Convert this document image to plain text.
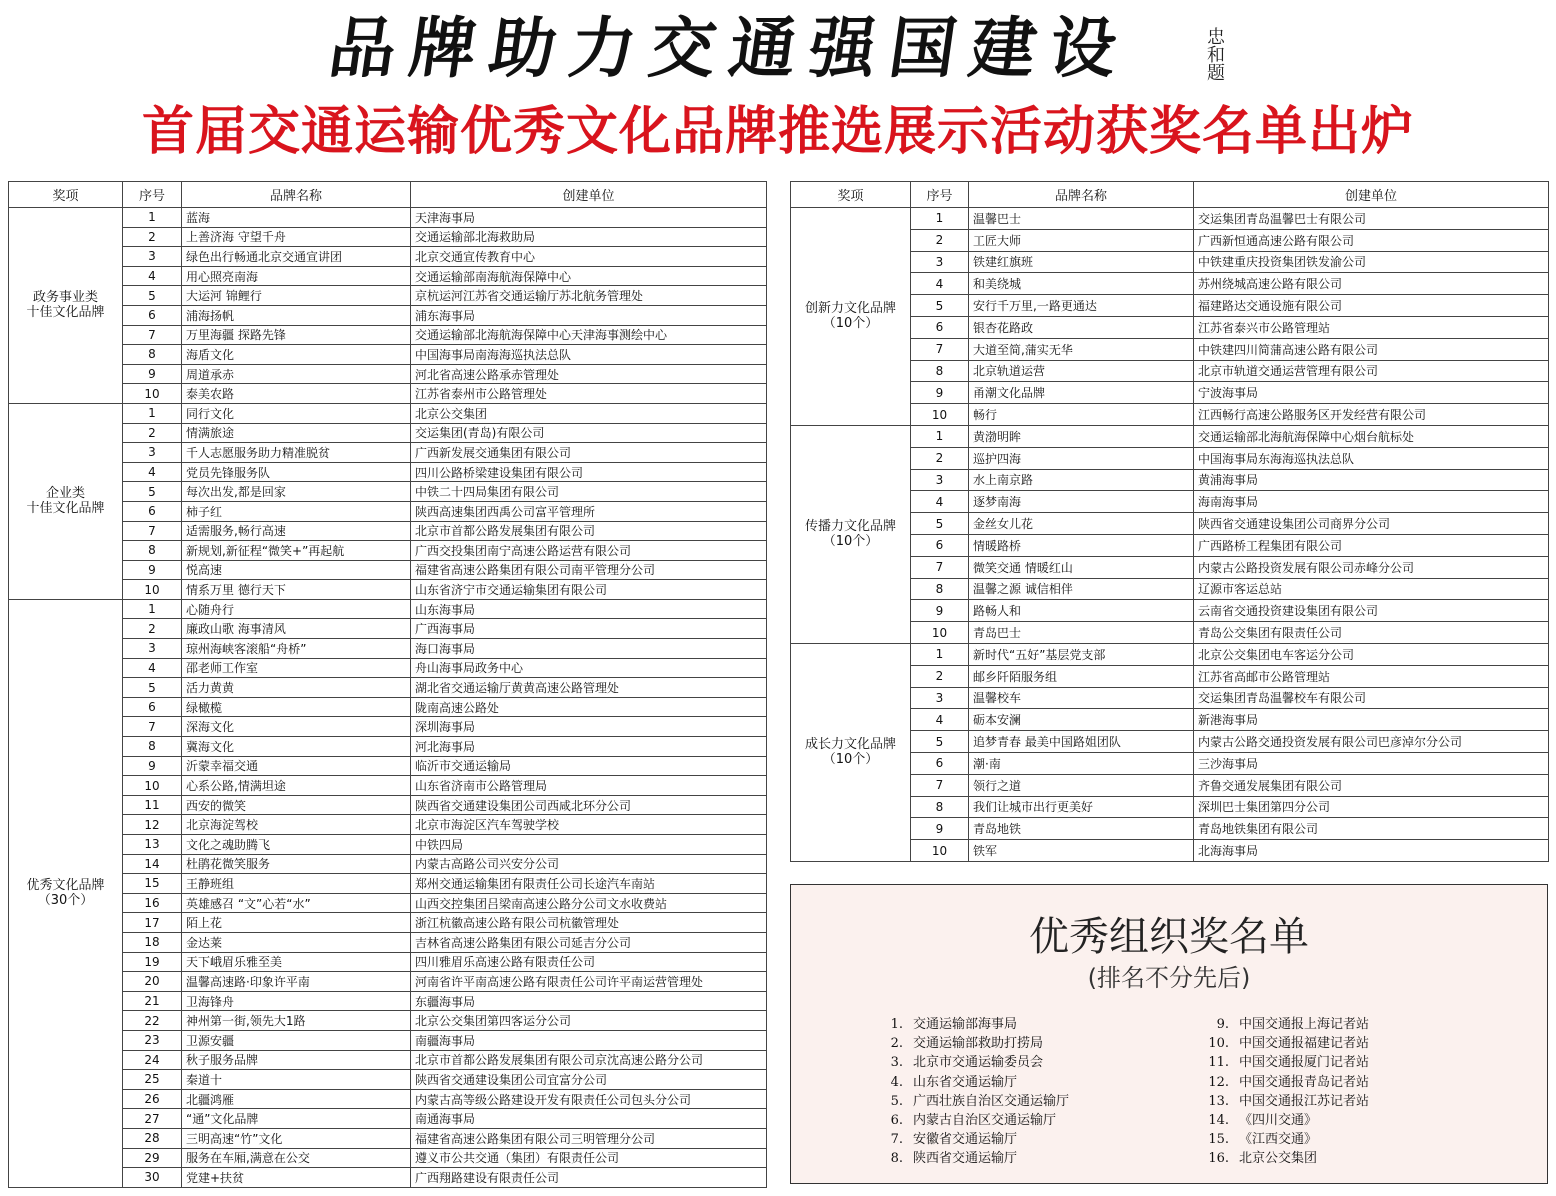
品牌助力交通强国建设	忠和题
首届交通运输优秀文化品牌推选展示活动获奖名单出炉
奖项	序号	品牌名称	创建单位

政务事业类
十佳文化品牌	1	蓝海	天津海事局
	2	上善济海 守望千舟	交通运输部北海救助局
	3	绿色出行畅通北京交通宣讲团	北京交通宣传教育中心
	4	用心照亮南海	交通运输部南海航海保障中心
	5	大运河 锦鲤行	京杭运河江苏省交通运输厅苏北航务管理处
	6	浦海扬帆	浦东海事局
	7	万里海疆 探路先锋	交通运输部北海航海保障中心天津海事测绘中心
	8	海盾文化	中国海事局南海海巡执法总队
	9	周道承赤	河北省高速公路承赤管理处
	10	泰美农路	江苏省泰州市公路管理处

企业类
十佳文化品牌	1	同行文化	北京公交集团
	2	情满旅途	交运集团(青岛)有限公司
	3	千人志愿服务助力精准脱贫	广西新发展交通集团有限公司
	4	党员先锋服务队	四川公路桥梁建设集团有限公司
	5	每次出发,都是回家	中铁二十四局集团有限公司
	6	柿子红	陕西高速集团西禹公司富平管理所
	7	适需服务,畅行高速	北京市首都公路发展集团有限公司
	8	新规划,新征程“微笑+”再起航	广西交投集团南宁高速公路运营有限公司
	9	悦高速	福建省高速公路集团有限公司南平管理分公司
	10	情系万里 德行天下	山东省济宁市交通运输集团有限公司

优秀文化品牌
（30个）	1	心随舟行	山东海事局
	2	廉政山歌 海事清风	广西海事局
	3	琼州海峡客滚船“舟桥”	海口海事局
	4	邵老师工作室	舟山海事局政务中心
	5	活力黄黄	湖北省交通运输厅黄黄高速公路管理处
	6	绿橄榄	陇南高速公路处
	7	深海文化	深圳海事局
	8	冀海文化	河北海事局
	9	沂蒙幸福交通	临沂市交通运输局
	10	心系公路,情满坦途	山东省济南市公路管理局
	11	西安的微笑	陕西省交通建设集团公司西咸北环分公司
	12	北京海淀驾校	北京市海淀区汽车驾驶学校
	13	文化之魂助腾飞	中铁四局
	14	杜鹃花微笑服务	内蒙古高路公司兴安分公司
	15	王静班组	郑州交通运输集团有限责任公司长途汽车南站
	16	英雄感召 “文”心若“水”	山西交控集团吕梁南高速公路分公司文水收费站
	17	陌上花	浙江杭徽高速公路有限公司杭徽管理处
	18	金达莱	吉林省高速公路集团有限公司延吉分公司
	19	天下峨眉乐雅至美	四川雅眉乐高速公路有限责任公司
	20	温馨高速路·印象许平南	河南省许平南高速公路有限责任公司许平南运营管理处
	21	卫海锋舟	东疆海事局
	22	神州第一街,领先大1路	北京公交集团第四客运分公司
	23	卫源安疆	南疆海事局
	24	秋子服务品牌	北京市首都公路发展集团有限公司京沈高速公路分公司
	25	秦道十	陕西省交通建设集团公司宜富分公司
	26	北疆鸿雁	内蒙古高等级公路建设开发有限责任公司包头分公司
	27	“通”文化品牌	南通海事局
	28	三明高速“竹”文化	福建省高速公路集团有限公司三明管理分公司
	29	服务在车厢,满意在公交	遵义市公共交通（集团）有限责任公司
	30	党建+扶贫	广西翔路建设有限责任公司
奖项	序号	品牌名称	创建单位

创新力文化品牌
（10个）	1	温馨巴士	交运集团青岛温馨巴士有限公司
	2	工匠大师	广西新恒通高速公路有限公司
	3	铁建红旗班	中铁建重庆投资集团铁发渝公司
	4	和美绕城	苏州绕城高速公路有限公司
	5	安行千万里,一路更通达	福建路达交通设施有限公司
	6	银杏花路政	江苏省泰兴市公路管理站
	7	大道至简,蒲实无华	中铁建四川简蒲高速公路有限公司
	8	北京轨道运营	北京市轨道交通运营管理有限公司
	9	甬潮文化品牌	宁波海事局
	10	畅行	江西畅行高速公路服务区开发经营有限公司

传播力文化品牌
（10个）	1	黄渤明眸	交通运输部北海航海保障中心烟台航标处
	2	巡护四海	中国海事局东海海巡执法总队
	3	水上南京路	黄浦海事局
	4	逐梦南海	海南海事局
	5	金丝女儿花	陕西省交通建设集团公司商界分公司
	6	情暖路桥	广西路桥工程集团有限公司
	7	微笑交通 情暖红山	内蒙古公路投资发展有限公司赤峰分公司
	8	温馨之源 诚信相伴	辽源市客运总站
	9	路畅人和	云南省交通投资建设集团有限公司
	10	青岛巴士	青岛公交集团有限责任公司

成长力文化品牌
（10个）	1	新时代“五好”基层党支部	北京公交集团电车客运分公司
	2	邮乡阡陌服务组	江苏省高邮市公路管理站
	3	温馨校车	交运集团青岛温馨校车有限公司
	4	砺本安澜	新港海事局
	5	追梦青春 最美中国路姐团队	内蒙古公路交通投资发展有限公司巴彦淖尔分公司
	6	潮·南	三沙海事局
	7	领行之道	齐鲁交通发展集团有限公司
	8	我们让城市出行更美好	深圳巴士集团第四分公司
	9	青岛地铁	青岛地铁集团有限公司
	10	铁军	北海海事局
优秀组织奖名单
(排名不分先后)
1. 交通运输部海事局
2. 交通运输部救助打捞局
3. 北京市交通运输委员会
4. 山东省交通运输厅
5. 广西壮族自治区交通运输厅
6. 内蒙古自治区交通运输厅
7. 安徽省交通运输厅
8. 陕西省交通运输厅
9. 中国交通报上海记者站
10. 中国交通报福建记者站
11. 中国交通报厦门记者站
12. 中国交通报青岛记者站
13. 中国交通报江苏记者站
14. 《四川交通》
15. 《江西交通》
16. 北京公交集团
